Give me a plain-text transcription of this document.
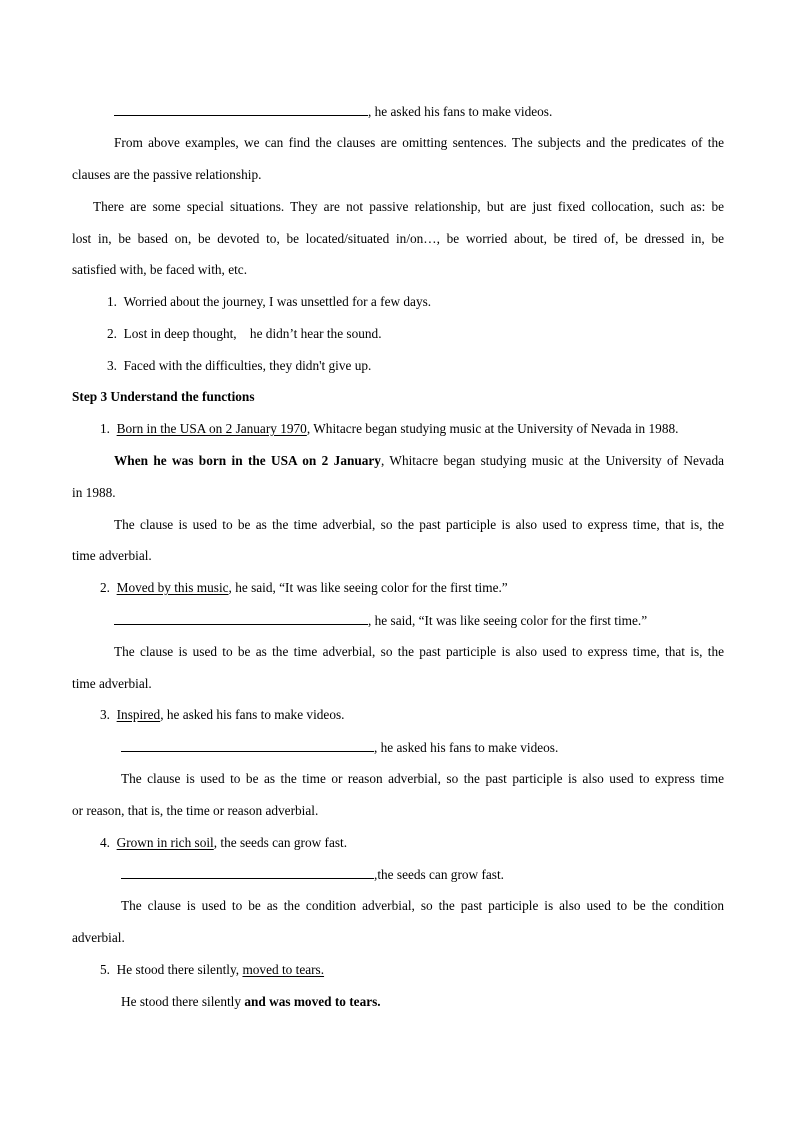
, he asked his fans to make videos.
From above examples, we can find the clauses are omitting sentences. The subjects and the predicates of the
clauses are the passive relationship.
There are some special situations. They are not passive relationship, but are just fixed collocation, such as: be
lost in, be based on, be devoted to, be located/situated in/on…, be worried about, be tired of, be dressed in, be
satisfied with, be faced with, etc.
1.  Worried about the journey, I was unsettled for a few days.
2.  Lost in deep thought,    he didn’t hear the sound.
3.  Faced with the difficulties, they didn't give up.
Step 3 Understand the functions
1.  Born in the USA on 2 January 1970, Whitacre began studying music at the University of Nevada in 1988.
When he was born in the USA on 2 January, Whitacre began studying music at the University of Nevada
in 1988.
The clause is used to be as the time adverbial, so the past participle is also used to express time, that is, the
time adverbial.
2.  Moved by this music, he said, “It was like seeing color for the first time.”
, he said, “It was like seeing color for the first time.”
The clause is used to be as the time adverbial, so the past participle is also used to express time, that is, the
time adverbial.
3.  Inspired, he asked his fans to make videos.
, he asked his fans to make videos.
The clause is used to be as the time or reason adverbial, so the past participle is also used to express time
or reason, that is, the time or reason adverbial.
4.  Grown in rich soil, the seeds can grow fast.
,the seeds can grow fast.
The clause is used to be as the condition adverbial, so the past participle is also used to be the condition
adverbial.
5.  He stood there silently, moved to tears.
He stood there silently and was moved to tears.
